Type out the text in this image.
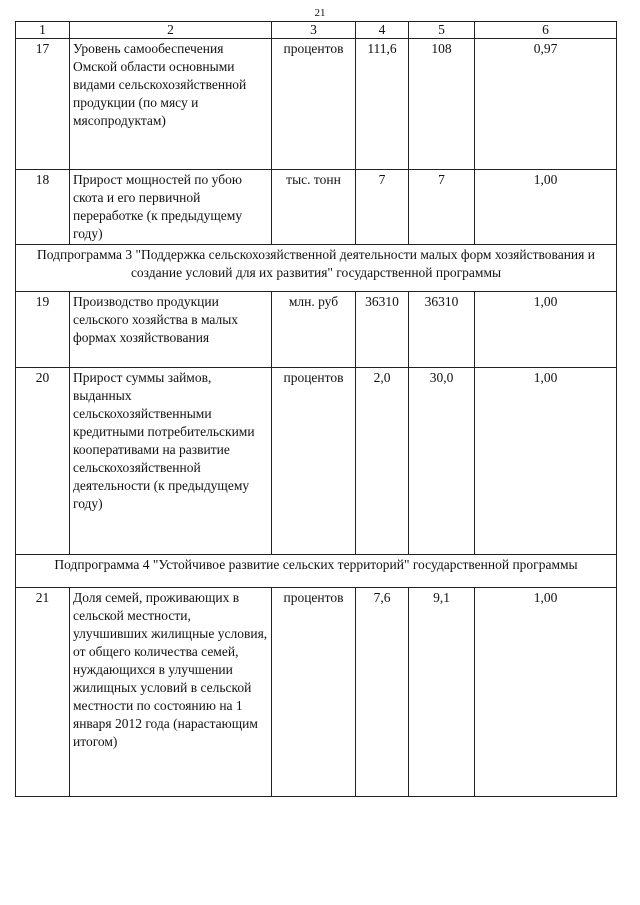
21
1	2	3	4	5	6
17	Уровень самообеспечения Омской области основными видами сельскохозяйственной продукции (по мясу и мясопродуктам)	процентов	111,6	108	0,97
18	Прирост мощностей по убою скота и его первичной переработке (к предыдущему году)	тыс. тонн	7	7	1,00
Подпрограмма 3 "Поддержка сельскохозяйственной деятельности малых форм хозяйствования и создание условий для их развития" государственной программы					
19	Производство продукции сельского хозяйства в малых формах хозяйствования	млн. руб	36310	36310	1,00
20	Прирост суммы займов, выданных сельскохозяйственными кредитными потребительскими кооперативами на развитие сельскохозяйственной деятельности (к предыдущему году)	процентов	2,0	30,0	1,00
Подпрограмма 4 "Устойчивое развитие сельских территорий" государственной программы					
21	Доля семей, проживающих в сельской местности, улучшивших жилищные условия, от общего количества семей, нуждающихся в улучшении жилищных условий в сельской местности по состоянию на 1 января 2012 года (нарастающим итогом)	процентов	7,6	9,1	1,00
